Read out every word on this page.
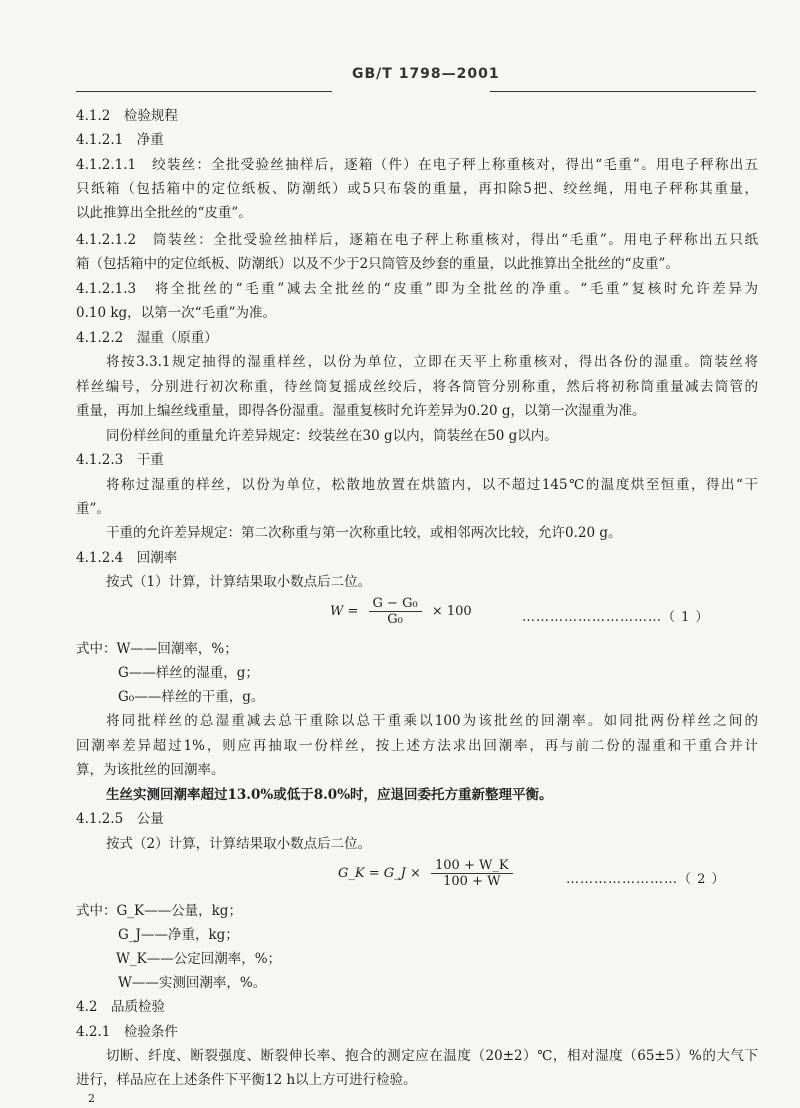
GB/T 1798—2001
4.1.2　检验规程
4.1.2.1　净重
4.1.2.1.1　绞装丝：全批受验丝抽样后，逐箱（件）在电子秤上称重核对，得出“毛重”。用电子秤称出五
只纸箱（包括箱中的定位纸板、防潮纸）或5只布袋的重量，再扣除5把、绞丝绳，用电子秤称其重量，
以此推算出全批丝的“皮重”。
4.1.2.1.2　筒装丝：全批受验丝抽样后，逐箱在电子秤上称重核对，得出“毛重”。用电子秤称出五只纸
箱（包括箱中的定位纸板、防潮纸）以及不少于2只筒管及纱套的重量，以此推算出全批丝的“皮重”。
4.1.2.1.3　将全批丝的“毛重”减去全批丝的“皮重”即为全批丝的净重。“毛重”复核时允许差异为
0.10 kg，以第一次“毛重”为准。
4.1.2.2　湿重（原重）
将按3.3.1规定抽得的湿重样丝，以份为单位，立即在天平上称重核对，得出各份的湿重。筒装丝将
样丝编号，分别进行初次称重，待丝筒复摇成丝绞后，将各筒管分别称重，然后将初称筒重量减去筒管的
重量，再加上编丝线重量，即得各份湿重。湿重复核时允许差异为0.20 g，以第一次湿重为准。
同份样丝间的重量允许差异规定：绞装丝在30 g以内，筒装丝在50 g以内。
4.1.2.3　干重
将称过湿重的样丝，以份为单位，松散地放置在烘篮内，以不超过145℃的温度烘至恒重，得出“干
重”。
干重的允许差异规定：第二次称重与第一次称重比较，或相邻两次比较，允许0.20 g。
4.1.2.4　回潮率
按式（1）计算，计算结果取小数点后二位。
$W = \frac{\text{G − G₀}}{\text{G₀}} \times 100$	…………………………（ 1 ）
式中：W——回潮率，%；
G——样丝的湿重，g；
G₀——样丝的干重，g。
将同批样丝的总湿重减去总干重除以总干重乘以100为该批丝的回潮率。如同批两份样丝之间的
回潮率差异超过1%，则应再抽取一份样丝，按上述方法求出回潮率，再与前二份的湿重和干重合并计
算，为该批丝的回潮率。
生丝实测回潮率超过13.0%或低于8.0%时，应退回委托方重新整理平衡。
4.1.2.5　公量
按式（2）计算，计算结果取小数点后二位。
G_K = G_J × $\frac{100 + W\_K}{100 + W}$	……………………（ 2 ）
式中：G_K——公量，kg；
G_J——净重，kg；
W_K——公定回潮率，%；
W——实测回潮率，%。
4.2　品质检验
4.2.1　检验条件
切断、纤度、断裂强度、断裂伸长率、抱合的测定应在温度（20±2）℃，相对湿度（65±5）%的大气下
进行，样品应在上述条件下平衡12 h以上方可进行检验。
2
